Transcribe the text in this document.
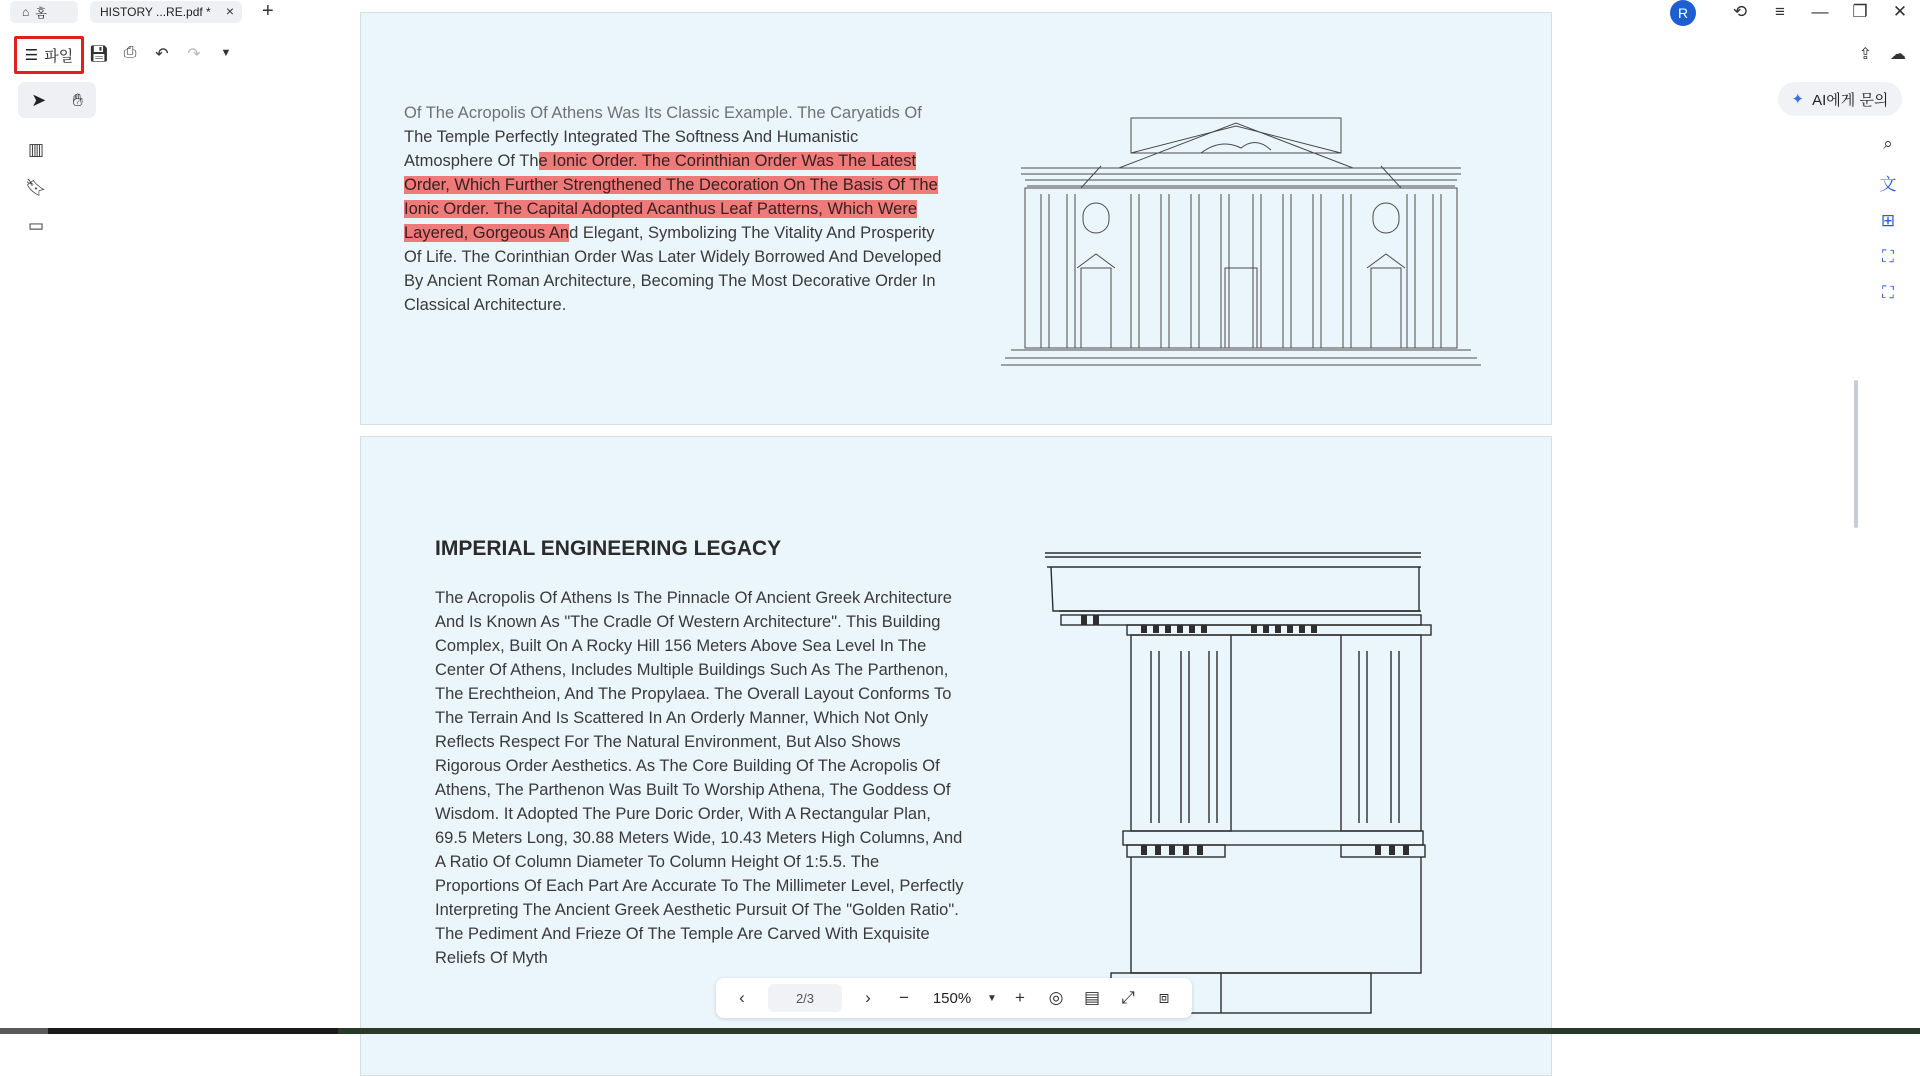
⌂ 홈	HISTORY ...RE.pdf * × +	R	⟲	≡	—	❐	✕
☰ 파일 💾︎ ⎙ ↶ ↷	▼	⇪ ☁
➤ ✋︎	✦ AI에게 문의
▥
🔖︎
▭
⌕
文
⊞
⛶
⛶
Of The Acropolis Of Athens Was Its Classic Example. The Caryatids Of
The Temple Perfectly Integrated The Softness And Humanistic Atmosphere Of The Ionic Order. The Corinthian Order Was The Latest Order, Which Further Strengthened The Decoration On The Basis Of The Ionic Order. The Capital Adopted Acanthus Leaf Patterns, Which Were Layered, Gorgeous And Elegant, Symbolizing The Vitality And Prosperity Of Life. The Corinthian Order Was Later Widely Borrowed And Developed By Ancient Roman Architecture, Becoming The Most Decorative Order In Classical Architecture.
IMPERIAL ENGINEERING LEGACY
The Acropolis Of Athens Is The Pinnacle Of Ancient Greek Architecture And Is Known As "The Cradle Of Western Architecture". This Building Complex, Built On A Rocky Hill 156 Meters Above Sea Level In The Center Of Athens, Includes Multiple Buildings Such As The Parthenon, The Erechtheion, And The Propylaea. The Overall Layout Conforms To The Terrain And Is Scattered In An Orderly Manner, Which Not Only Reflects Respect For The Natural Environment, But Also Shows Rigorous Order Aesthetics. As The Core Building Of The Acropolis Of Athens, The Parthenon Was Built To Worship Athena, The Goddess Of Wisdom. It Adopted The Pure Doric Order, With A Rectangular Plan, 69.5 Meters Long, 30.88 Meters Wide, 10.43 Meters High Columns, And A Ratio Of Column Diameter To Column Height Of 1:5.5. The Proportions Of Each Part Are Accurate To The Millimeter Level, Perfectly Interpreting The Ancient Greek Aesthetic Pursuit Of The "Golden Ratio". The Pediment And Frieze Of The Temple Are Carved With Exquisite Reliefs Of Myth
‹	2/3	›	−	150%	▼	+	◎	▤	⤢	⧈
